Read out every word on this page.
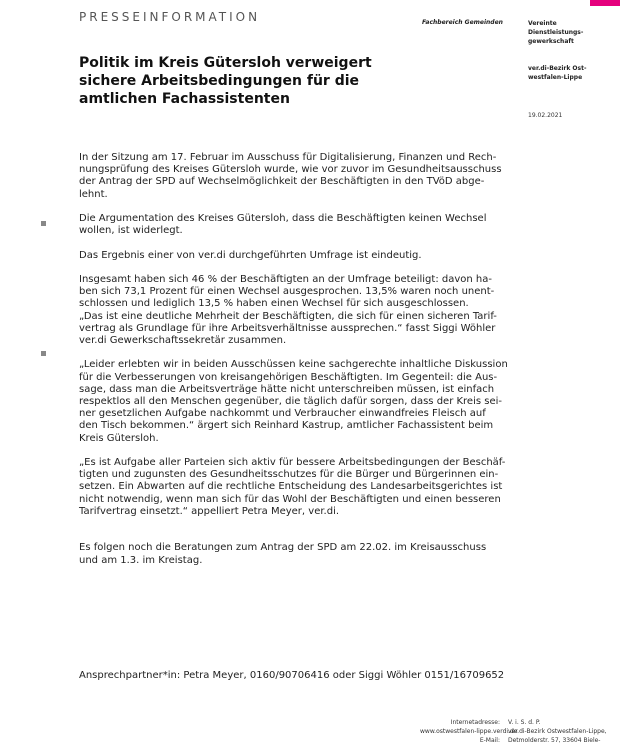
PRESSEINFORMATION	Fachbereich Gemeinden	Vereinte
Dienstleistungs-
gewerkschaft
ver.di-Bezirk Ost-
westfalen-Lippe
19.02.2021
Politik im Kreis Gütersloh verweigert
sichere Arbeitsbedingungen für die
amtlichen Fachassistenten
In der Sitzung am 17. Februar im Ausschuss für Digitalisierung, Finanzen und Rech-
nungsprüfung des Kreises Gütersloh wurde, wie vor zuvor im Gesundheitsausschuss
der Antrag der SPD auf Wechselmöglichkeit der Beschäftigten in den TVöD abge-
lehnt.
Die Argumentation des Kreises Gütersloh, dass die Beschäftigten keinen Wechsel
wollen, ist widerlegt.
Das Ergebnis einer von ver.di durchgeführten Umfrage ist eindeutig.
Insgesamt haben sich 46 % der Beschäftigten an der Umfrage beteiligt: davon ha-
ben sich 73,1 Prozent für einen Wechsel ausgesprochen. 13,5% waren noch unent-
schlossen und lediglich 13,5 % haben einen Wechsel für sich ausgeschlossen.
„Das ist eine deutliche Mehrheit der Beschäftigten, die sich für einen sicheren Tarif-
vertrag als Grundlage für ihre Arbeitsverhältnisse aussprechen.“ fasst Siggi Wöhler
ver.di Gewerkschaftssekretär zusammen.
„Leider erlebten wir in beiden Ausschüssen keine sachgerechte inhaltliche Diskussion
für die Verbesserungen von kreisangehörigen Beschäftigten. Im Gegenteil: die Aus-
sage, dass man die Arbeitsverträge hätte nicht unterschreiben müssen, ist einfach
respektlos all den Menschen gegenüber, die täglich dafür sorgen, dass der Kreis sei-
ner gesetzlichen Aufgabe nachkommt und Verbraucher einwandfreies Fleisch auf
den Tisch bekommen.“ ärgert sich Reinhard Kastrup, amtlicher Fachassistent beim
Kreis Gütersloh.
„Es ist Aufgabe aller Parteien sich aktiv für bessere Arbeitsbedingungen der Beschäf-
tigten und zugunsten des Gesundheitsschutzes für die Bürger und Bürgerinnen ein-
setzen. Ein Abwarten auf die rechtliche Entscheidung des Landesarbeitsgerichtes ist
nicht notwendig, wenn man sich für das Wohl der Beschäftigten und einen besseren
Tarifvertrag einsetzt.“ appelliert Petra Meyer, ver.di.
Es folgen noch die Beratungen zum Antrag der SPD am 22.02. im Kreisausschuss
und am 1.3. im Kreistag.
Ansprechpartner*in: Petra Meyer, 0160/90706416 oder Siggi Wöhler 0151/16709652
Internetadresse:
www.ostwestfalen-lippe.verdi.de
E-Mail:
V. i. S. d. P.
ver.di-Bezirk Ostwestfalen-Lippe,
Detmolderstr. 57, 33604 Biele-
